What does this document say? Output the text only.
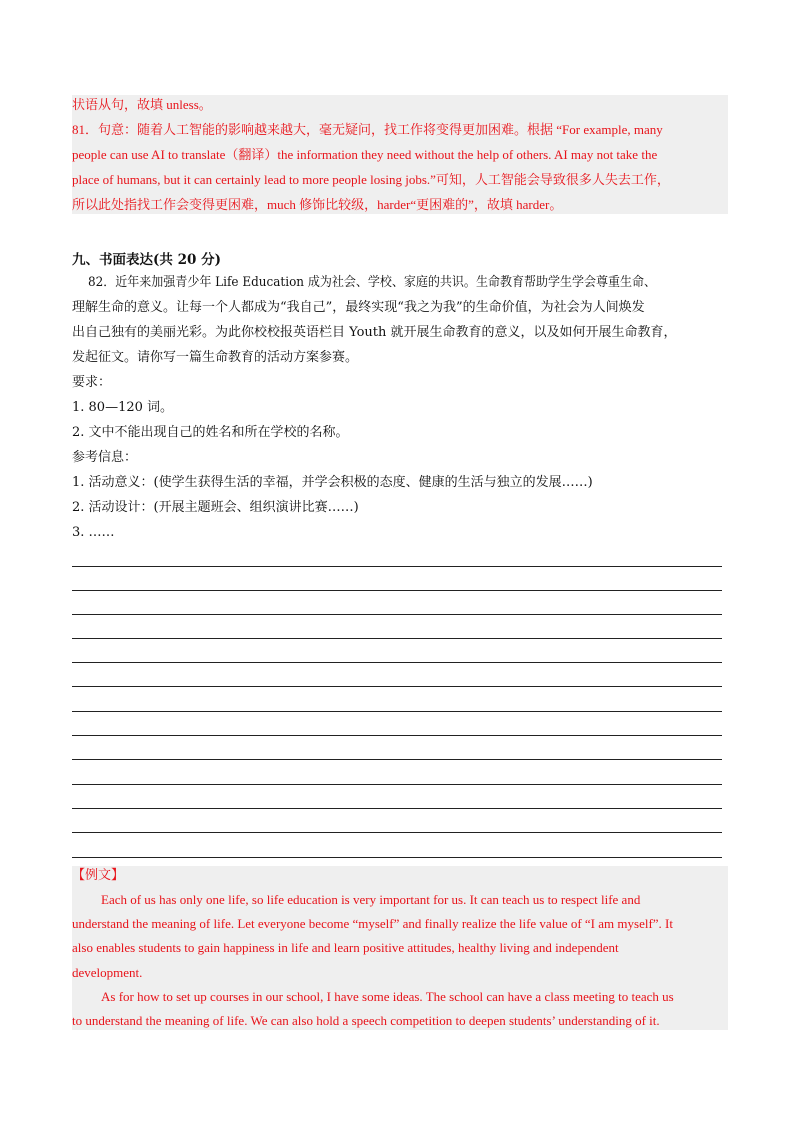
状语从句，故填 unless。
81．句意：随着人工智能的影响越来越大，毫无疑问，找工作将变得更加困难。根据 “For example, many
people can use AI to translate（翻译）the information they need without the help of others. AI may not take the
place of humans, but it can certainly lead to more people losing jobs.”可知，人工智能会导致很多人失去工作，
所以此处指找工作会变得更困难，much 修饰比较级，harder“更困难的”，故填 harder。
九、书面表达(共 20 分)
82．近年来加强青少年 Life Education 成为社会、学校、家庭的共识。生命教育帮助学生学会尊重生命、
理解生命的意义。让每一个人都成为“我自己”，最终实现“我之为我”的生命价值，为社会为人间焕发
出自己独有的美丽光彩。为此你校校报英语栏目 Youth 就开展生命教育的意义，以及如何开展生命教育，
发起征文。请你写一篇生命教育的活动方案参赛。
要求：
1. 80—120 词。
2. 文中不能出现自己的姓名和所在学校的名称。
参考信息：
1. 活动意义：(使学生获得生活的幸福，并学会积极的态度、健康的生活与独立的发展……)
2. 活动设计：(开展主题班会、组织演讲比赛……)
3. ……
【例文】
Each of us has only one life, so life education is very important for us. It can teach us to respect life and
understand the meaning of life. Let everyone become “myself” and finally realize the life value of “I am myself”. It
also enables students to gain happiness in life and learn positive attitudes, healthy living and independent
development.
As for how to set up courses in our school, I have some ideas. The school can have a class meeting to teach us
to understand the meaning of life. We can also hold a speech competition to deepen students’ understanding of it.
